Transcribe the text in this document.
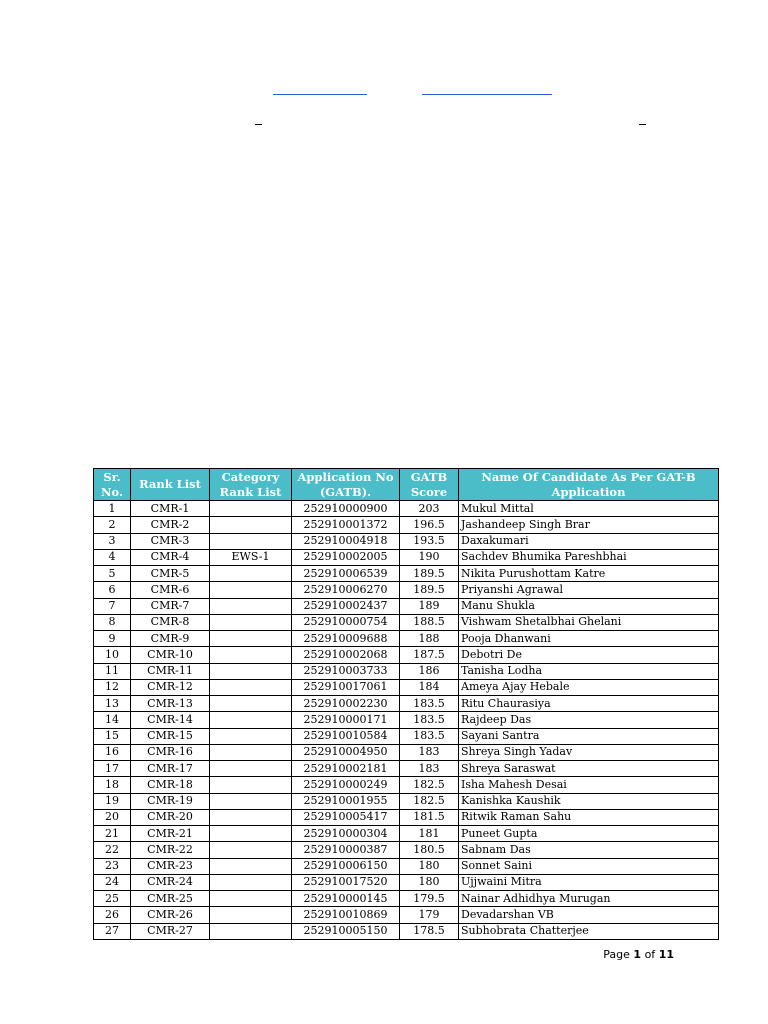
Sr. No.	Rank List	Category Rank List	Application No (GATB).	GATB Score	Name Of Candidate As Per GAT-B Application
1	CMR-1		252910000900	203	Mukul Mittal
2	CMR-2		252910001372	196.5	Jashandeep Singh Brar
3	CMR-3		252910004918	193.5	Daxakumari
4	CMR-4	EWS-1	252910002005	190	Sachdev Bhumika Pareshbhai
5	CMR-5		252910006539	189.5	Nikita Purushottam Katre
6	CMR-6		252910006270	189.5	Priyanshi Agrawal
7	CMR-7		252910002437	189	Manu Shukla
8	CMR-8		252910000754	188.5	Vishwam Shetalbhai Ghelani
9	CMR-9		252910009688	188	Pooja Dhanwani
10	CMR-10		252910002068	187.5	Debotri De
11	CMR-11		252910003733	186	Tanisha Lodha
12	CMR-12		252910017061	184	Ameya Ajay Hebale
13	CMR-13		252910002230	183.5	Ritu Chaurasiya
14	CMR-14		252910000171	183.5	Rajdeep Das
15	CMR-15		252910010584	183.5	Sayani Santra
16	CMR-16		252910004950	183	Shreya Singh Yadav
17	CMR-17		252910002181	183	Shreya Saraswat
18	CMR-18		252910000249	182.5	Isha Mahesh Desai
19	CMR-19		252910001955	182.5	Kanishka Kaushik
20	CMR-20		252910005417	181.5	Ritwik Raman Sahu
21	CMR-21		252910000304	181	Puneet Gupta
22	CMR-22		252910000387	180.5	Sabnam Das
23	CMR-23		252910006150	180	Sonnet Saini
24	CMR-24		252910017520	180	Ujjwaini Mitra
25	CMR-25		252910000145	179.5	Nainar Adhidhya Murugan
26	CMR-26		252910010869	179	Devadarshan VB
27	CMR-27		252910005150	178.5	Subhobrata Chatterjee
Page 1 of 11
